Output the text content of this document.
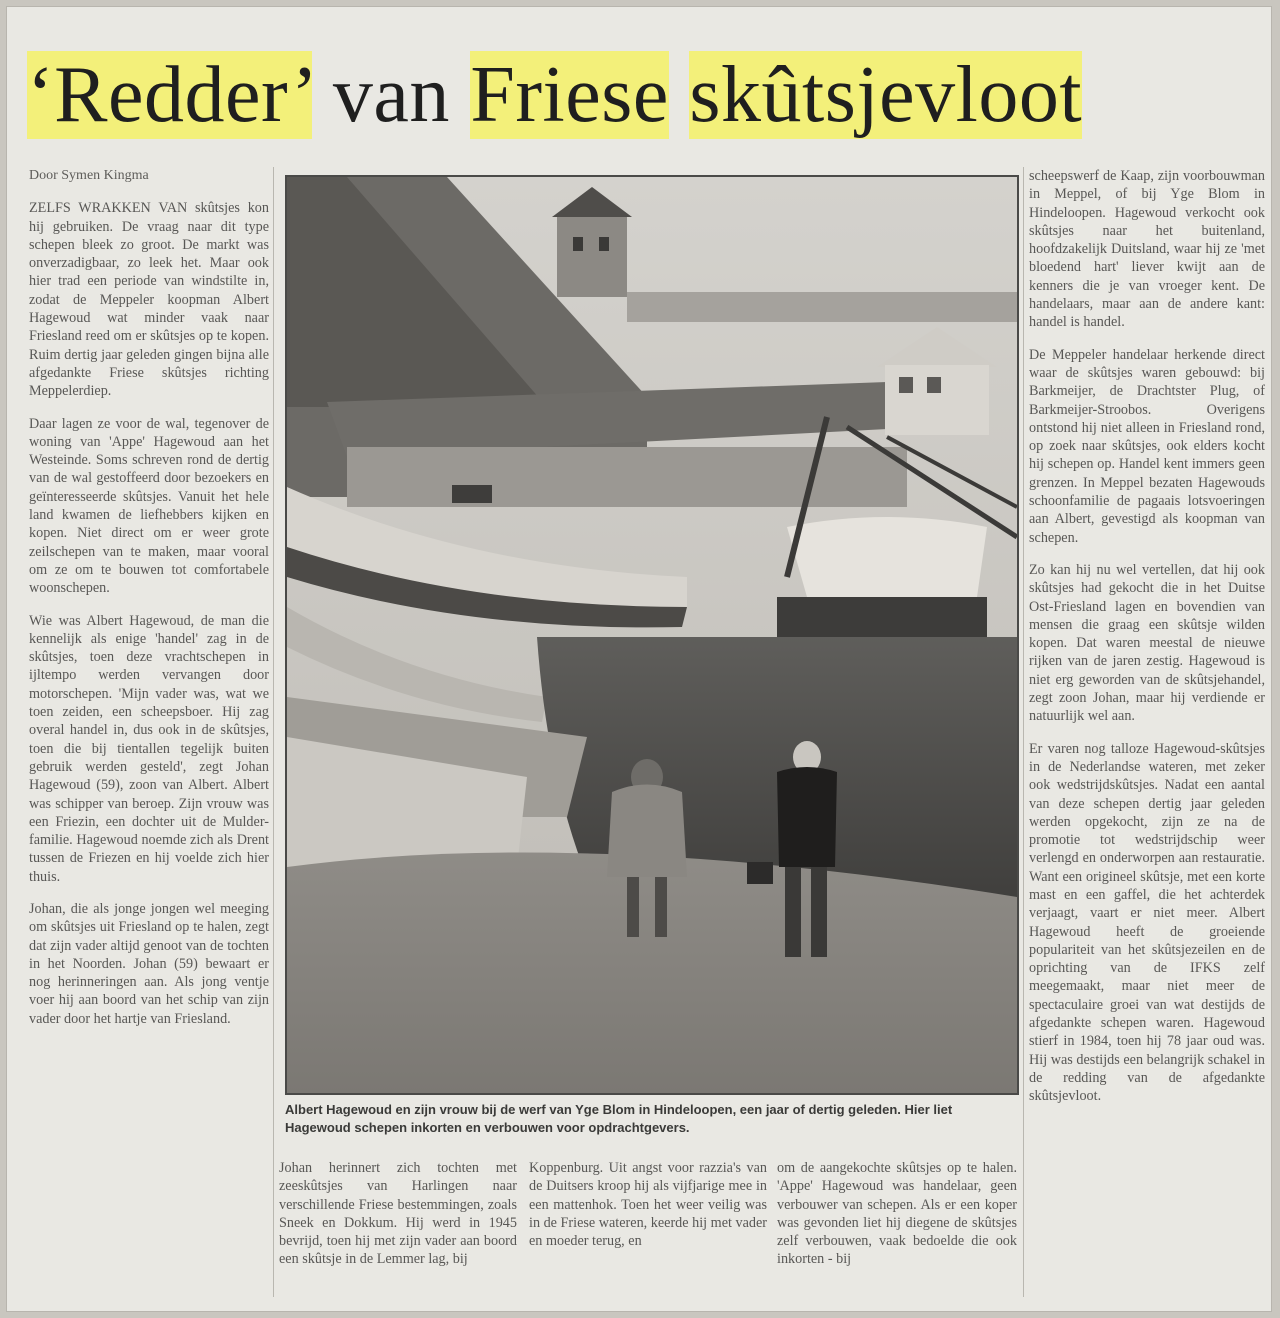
‘Redder’ van Friese skûtsjevloot

Door Symen Kingma

ZELFS WRAKKEN VAN skûtsjes kon hij gebruiken. De vraag naar dit type schepen bleek zo groot. De markt was onverzadigbaar, zo leek het. Maar ook hier trad een periode van windstilte in, zodat de Meppeler koopman Albert Hagewoud wat minder vaak naar Friesland reed om er skûtsjes op te kopen. Ruim dertig jaar geleden gingen bijna alle afgedankte Friese skûtsjes richting Meppelerdiep.

Daar lagen ze voor de wal, tegenover de woning van 'Appe' Hagewoud aan het Westeinde. Soms schreven rond de dertig van de wal gestoffeerd door bezoekers en geïnteresseerde skûtsjes. Vanuit het hele land kwamen de liefhebbers kijken en kopen. Niet direct om er weer grote zeilschepen van te maken, maar vooral om ze om te bouwen tot comfortabele woonschepen.

Wie was Albert Hagewoud, de man die kennelijk als enige 'handel' zag in de skûtsjes, toen deze vrachtschepen in ijltempo werden vervangen door motorschepen. 'Mijn vader was, wat we toen zeiden, een scheepsboer. Hij zag overal handel in, dus ook in de skûtsjes, toen die bij tientallen tegelijk buiten gebruik werden gesteld', zegt Johan Hagewoud (59), zoon van Albert. Albert was schipper van beroep. Zijn vrouw was een Friezin, een dochter uit de Mulder-familie. Hagewoud noemde zich als Drent tussen de Friezen en hij voelde zich hier thuis.

Johan, die als jonge jongen wel meeging om skûtsjes uit Friesland op te halen, zegt dat zijn vader altijd genoot van de tochten in het Noorden. Johan (59) bewaart er nog herinneringen aan. Als jong ventje voer hij aan boord van het schip van zijn vader door het hartje van Friesland.

Albert Hagewoud en zijn vrouw bij de werf van Yge Blom in Hindeloopen, een jaar of dertig geleden. Hier liet Hagewoud schepen inkorten en verbouwen voor opdrachtgevers.

scheepswerf de Kaap, zijn voorbouwman in Meppel, of bij Yge Blom in Hindeloopen. Hagewoud verkocht ook skûtsjes naar het buitenland, hoofdzakelijk Duitsland, waar hij ze 'met bloedend hart' liever kwijt aan de kenners die je van vroeger kent. De handelaars, maar aan de andere kant: handel is handel.

De Meppeler handelaar herkende direct waar de skûtsjes waren gebouwd: bij Barkmeijer, de Drachtster Plug, of Barkmeijer-Stroobos. Overigens ontstond hij niet alleen in Friesland rond, op zoek naar skûtsjes, ook elders kocht hij schepen op. Handel kent immers geen grenzen. In Meppel bezaten Hagewouds schoonfamilie de pagaais lotsvoeringen aan Albert, gevestigd als koopman van schepen.

Zo kan hij nu wel vertellen, dat hij ook skûtsjes had gekocht die in het Duitse Ost-Friesland lagen en bovendien van mensen die graag een skûtsje wilden kopen. Dat waren meestal de nieuwe rijken van de jaren zestig. Hagewoud is niet erg geworden van de skûtsjehandel, zegt zoon Johan, maar hij verdiende er natuurlijk wel aan.

Er varen nog talloze Hagewoud-skûtsjes in de Nederlandse wateren, met zeker ook wedstrijdskûtsjes. Nadat een aantal van deze schepen dertig jaar geleden werden opgekocht, zijn ze na de promotie tot wedstrijdschip weer verlengd en onderworpen aan restauratie. Want een origineel skûtsje, met een korte mast en een gaffel, die het achterdek verjaagt, vaart er niet meer. Albert Hagewoud heeft de groeiende populariteit van het skûtsjezeilen en de oprichting van de IFKS zelf meegemaakt, maar niet meer de spectaculaire groei van wat destijds de afgedankte schepen waren. Hagewoud stierf in 1984, toen hij 78 jaar oud was. Hij was destijds een belangrijk schakel in de redding van de afgedankte skûtsjevloot.

Johan herinnert zich tochten met zeeskûtsjes van Harlingen naar verschillende Friese bestemmingen, zoals Sneek en Dokkum. Hij werd in 1945 bevrijd, toen hij met zijn vader aan boord een skûtsje in de Lemmer lag, bij
Koppenburg. Uit angst voor razzia's van de Duitsers kroop hij als vijfjarige mee in een mattenhok. Toen het weer veilig was in de Friese wateren, keerde hij met vader en moeder terug, en
om de aangekochte skûtsjes op te halen. 'Appe' Hagewoud was handelaar, geen verbouwer van schepen. Als er een koper was gevonden liet hij diegene de skûtsjes zelf verbouwen, vaak bedoelde die ook inkorten - bij
